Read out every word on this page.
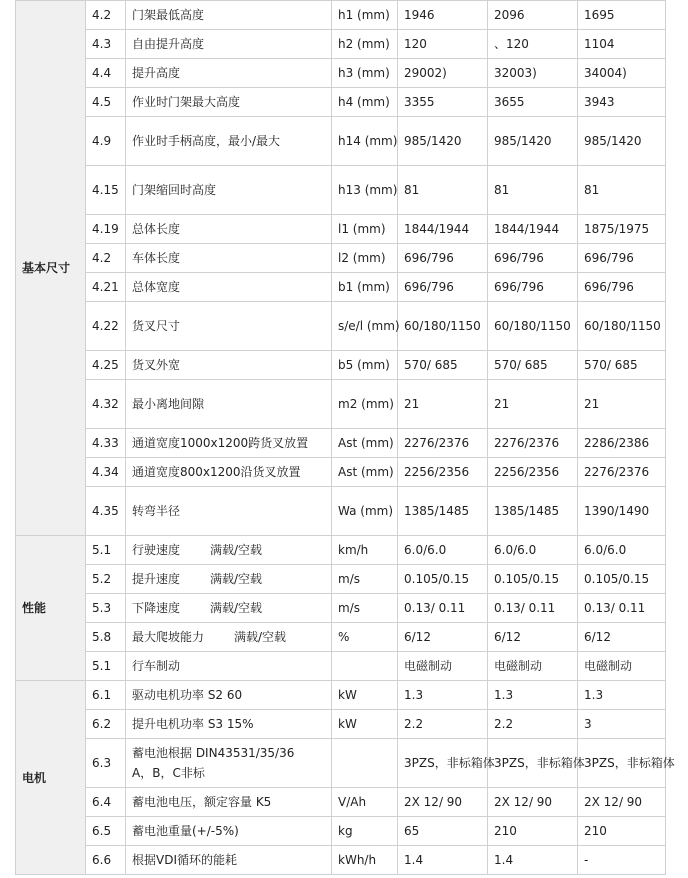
基本尺寸	4.2	门架最低高度	h1 (mm)	1946	2096	1695
	4.3	自由提升高度	h2 (mm)	120	、120	1104
	4.4	提升高度	h3 (mm)	29002)	32003)	34004)
	4.5	作业时门架最大高度	h4 (mm)	3355	3655	3943
	4.9	作业时手柄高度，最小/最大	h14 (mm)	985/1420	985/1420	985/1420
	4.15	门架缩回时高度	h13 (mm)	81	81	81
	4.19	总体长度	l1 (mm)	1844/1944	1844/1944	1875/1975
	4.2	车体长度	l2 (mm)	696/796	696/796	696/796
	4.21	总体宽度	b1 (mm)	696/796	696/796	696/796
	4.22	货叉尺寸	s/e/l (mm)	60/180/1150	60/180/1150	60/180/1150
	4.25	货叉外宽	b5 (mm)	570/ 685	570/ 685	570/ 685
	4.32	最小离地间隙	m2 (mm)	21	21	21
	4.33	通道宽度1000x1200跨货叉放置	Ast (mm)	2276/2376	2276/2376	2286/2386
	4.34	通道宽度800x1200沿货叉放置	Ast (mm)	2256/2356	2256/2356	2276/2376
	4.35	转弯半径	Wa (mm)	1385/1485	1385/1485	1390/1490
性能	5.1	行驶速度 满载/空载	km/h	6.0/6.0	6.0/6.0	6.0/6.0
	5.2	提升速度 满载/空载	m/s	0.105/0.15	0.105/0.15	0.105/0.15
	5.3	下降速度 满载/空载	m/s	0.13/ 0.11	0.13/ 0.11	0.13/ 0.11
	5.8	最大爬坡能力 满载/空载	%	6/12	6/12	6/12
	5.1	行车制动		电磁制动	电磁制动	电磁制动
电机	6.1	驱动电机功率 S2 60	kW	1.3	1.3	1.3
	6.2	提升电机功率 S3 15%	kW	2.2	2.2	3
	6.3	蓄电池根据 DIN43531/35/36 A，B，C非标		3PZS，非标箱体	3PZS，非标箱体	3PZS，非标箱体
	6.4	蓄电池电压，额定容量 K5	V/Ah	2X 12/ 90	2X 12/ 90	2X 12/ 90
	6.5	蓄电池重量(+/-5%)	kg	65	210	210
	6.6	根据VDI循环的能耗	kWh/h	1.4	1.4	-
